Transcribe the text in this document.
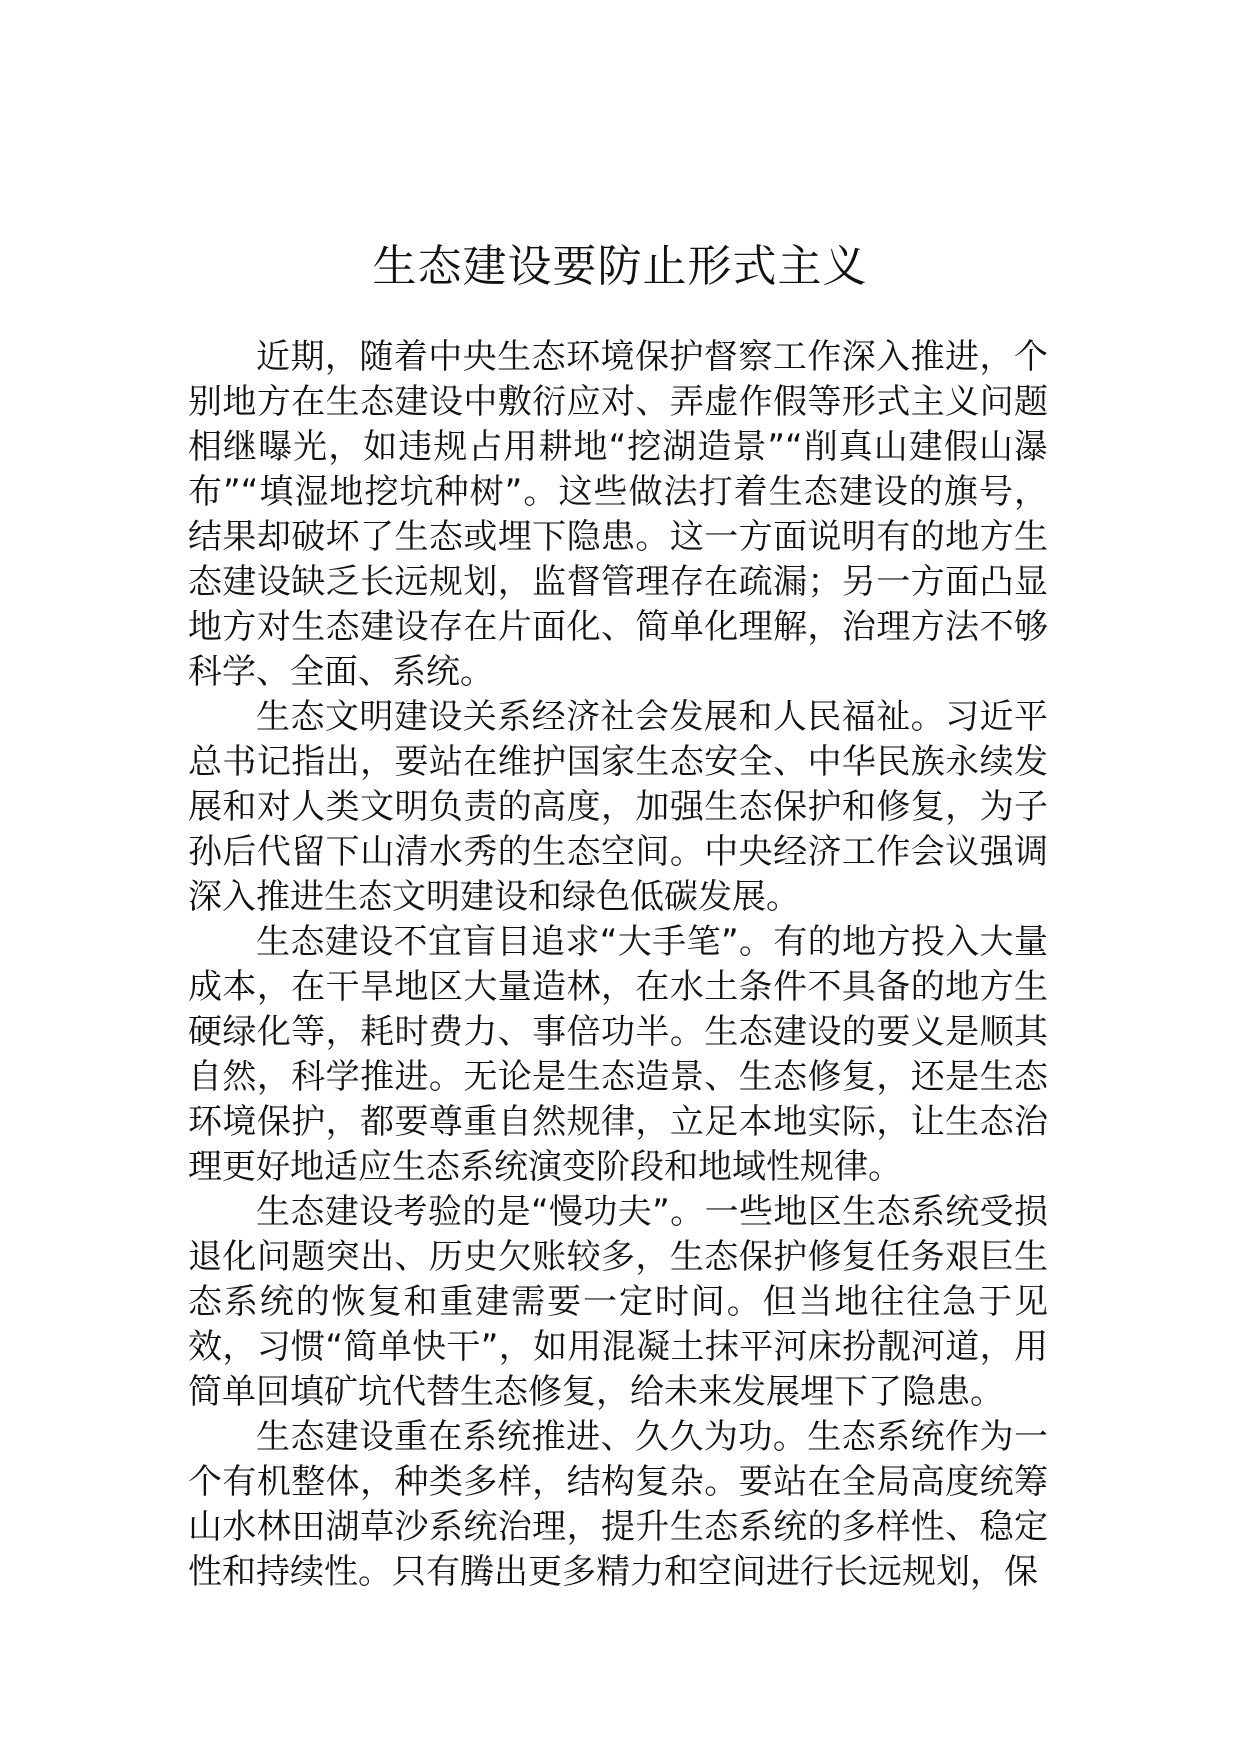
生态建设要防止形式主义

近期，随着中央生态环境保护督察工作深入推进，个别地方在生态建设中敷衍应对、弄虚作假等形式主义问题相继曝光，如违规占用耕地“挖湖造景”“削真山建假山瀑布”“填湿地挖坑种树”。这些做法打着生态建设的旗号，结果却破坏了生态或埋下隐患。这一方面说明有的地方生态建设缺乏长远规划，监督管理存在疏漏；另一方面凸显地方对生态建设存在片面化、简单化理解，治理方法不够科学、全面、系统。

生态文明建设关系经济社会发展和人民福祉。习近平总书记指出，要站在维护国家生态安全、中华民族永续发展和对人类文明负责的高度，加强生态保护和修复，为子孙后代留下山清水秀的生态空间。中央经济工作会议强调深入推进生态文明建设和绿色低碳发展。

生态建设不宜盲目追求“大手笔”。有的地方投入大量成本，在干旱地区大量造林，在水土条件不具备的地方生硬绿化等，耗时费力、事倍功半。生态建设的要义是顺其自然，科学推进。无论是生态造景、生态修复，还是生态环境保护，都要尊重自然规律，立足本地实际，让生态治理更好地适应生态系统演变阶段和地域性规律。

生态建设考验的是“慢功夫”。一些地区生态系统受损退化问题突出、历史欠账较多，生态保护修复任务艰巨生态系统的恢复和重建需要一定时间。但当地往往急于见效，习惯“简单快干”，如用混凝土抹平河床扮靓河道，用简单回填矿坑代替生态修复，给未来发展埋下了隐患。

生态建设重在系统推进、久久为功。生态系统作为一个有机整体，种类多样，结构复杂。要站在全局高度统筹山水林田湖草沙系统治理，提升生态系统的多样性、稳定性和持续性。只有腾出更多精力和空间进行长远规划，保
